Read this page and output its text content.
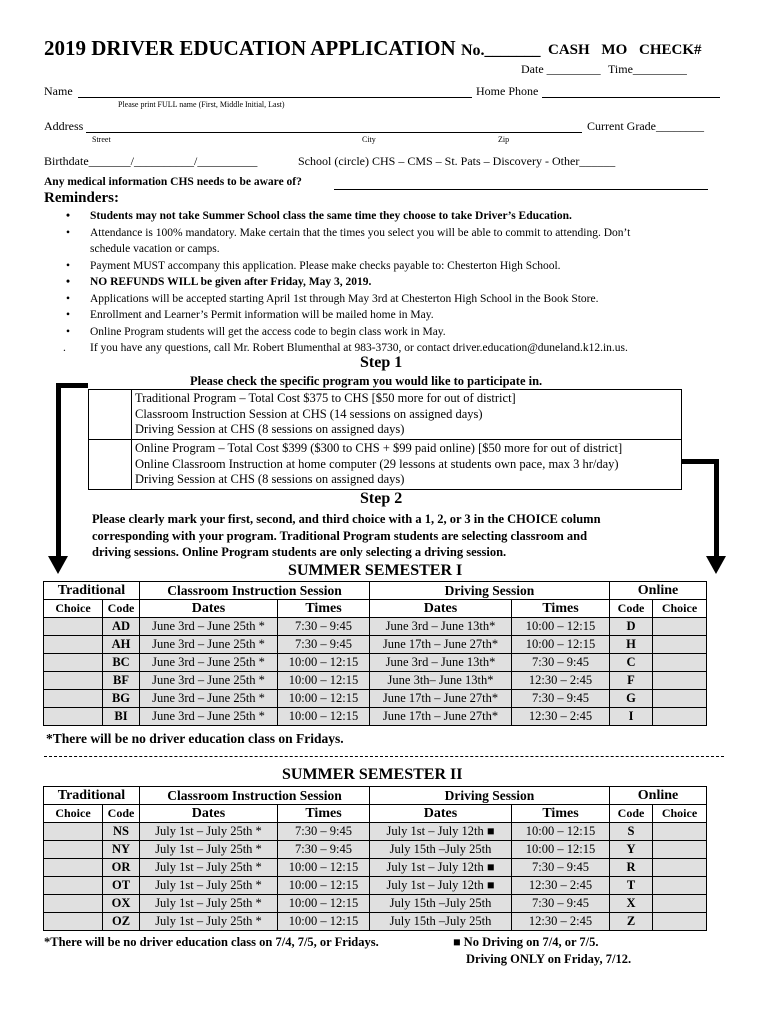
2019 DRIVER EDUCATION APPLICATION No._______ CASH MO CHECK#
Date _________ Time_________
Name	Home Phone
Please print FULL name (First, Middle Initial, Last)
Address	Current Grade________
Street	City	Zip
Birthdate_______/__________/__________	School (circle) CHS – CMS – St. Pats – Discovery - Other______
Any medical information CHS needs to be aware of?
Reminders:
• Students may not take Summer School class the same time they choose to take Driver’s Education.
• Attendance is 100% mandatory. Make certain that the times you select you will be able to commit to attending. Don’t
schedule vacation or camps.
• Payment MUST accompany this application. Please make checks payable to: Chesterton High School.
• NO REFUNDS WILL be given after Friday, May 3, 2019.
• Applications will be accepted starting April 1st through May 3rd at Chesterton High School in the Book Store.
• Enrollment and Learner’s Permit information will be mailed home in May.
• Online Program students will get the access code to begin class work in May.
. If you have any questions, call Mr. Robert Blumenthal at 983-3730, or contact driver.education@duneland.k12.in.us.
Step 1
Please check the specific program you would like to participate in.
Traditional Program – Total Cost $375 to CHS [$50 more for out of district]
Classroom Instruction Session at CHS (14 sessions on assigned days)
Driving Session at CHS (8 sessions on assigned days)
Online Program – Total Cost $399 ($300 to CHS + $99 paid online) [$50 more for out of district]
Online Classroom Instruction at home computer (29 lessons at students own pace, max 3 hr/day)
Driving Session at CHS (8 sessions on assigned days)
Step 2
Please clearly mark your first, second, and third choice with a 1, 2, or 3 in the CHOICE column
corresponding with your program. Traditional Program students are selecting classroom and
driving sessions. Online Program students are only selecting a driving session.
SUMMER SEMESTER I
Traditional		Classroom Instruction Session		Driving Session		Online	
Choice	Code	Dates	Times	Dates	Times	Code	Choice
	AD	June 3rd – June 25th *	7:30 – 9:45	June 3rd – June 13th*	10:00 – 12:15	D	
	AH	June 3rd – June 25th *	7:30 – 9:45	June 17th – June 27th*	10:00 – 12:15	H	
	BC	June 3rd – June 25th *	10:00 – 12:15	June 3rd – June 13th*	7:30 – 9:45	C	
	BF	June 3rd – June 25th *	10:00 – 12:15	June 3th– June 13th*	12:30 – 2:45	F	
	BG	June 3rd – June 25th *	10:00 – 12:15	June 17th – June 27th*	7:30 – 9:45	G	
	BI	June 3rd – June 25th *	10:00 – 12:15	June 17th – June 27th*	12:30 – 2:45	I	
*There will be no driver education class on Fridays.
SUMMER SEMESTER II
Traditional		Classroom Instruction Session		Driving Session		Online	
Choice	Code	Dates	Times	Dates	Times	Code	Choice
	NS	July 1st – July 25th *	7:30 – 9:45	July 1st – July 12th ■	10:00 – 12:15	S	
	NY	July 1st – July 25th *	7:30 – 9:45	July 15th –July 25th	10:00 – 12:15	Y	
	OR	July 1st – July 25th *	10:00 – 12:15	July 1st – July 12th ■	7:30 – 9:45	R	
	OT	July 1st – July 25th *	10:00 – 12:15	July 1st – July 12th ■	12:30 – 2:45	T	
	OX	July 1st – July 25th *	10:00 – 12:15	July 15th –July 25th	7:30 – 9:45	X	
	OZ	July 1st – July 25th *	10:00 – 12:15	July 15th –July 25th	12:30 – 2:45	Z	
*There will be no driver education class on 7/4, 7/5, or Fridays.	■ No Driving on 7/4, or 7/5.
Driving ONLY on Friday, 7/12.
